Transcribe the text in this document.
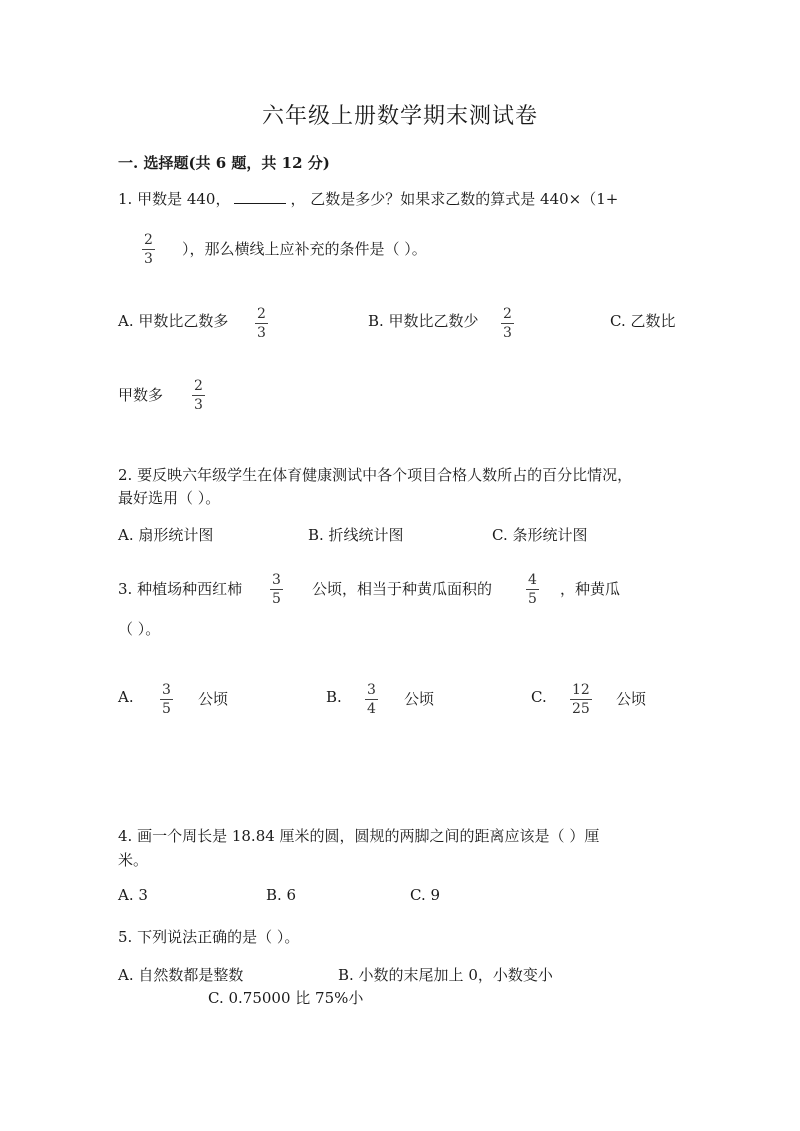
六年级上册数学期末测试卷
一. 选择题(共 6 题，共 12 分)
1. 甲数是 440，	， 乙数是多少？如果求乙数的算式是 440×（1+
2
3
），那么横线上应补充的条件是（ ）。
A. 甲数比乙数多 2
3
B. 甲数比乙数少 2
3
C. 乙数比
甲数多 2
3
2. 要反映六年级学生在体育健康测试中各个项目合格人数所占的百分比情况，
最好选用（ ）。
A. 扇形统计图	B. 折线统计图	C. 条形统计图
3. 种植场种西红柿 3
5
公顷，相当于种黄瓜面积的	4
5
，种黄瓜
（ ）。
A. 3
5
公顷	B. 3
4
公顷	C. 12
25
公顷
4. 画一个周长是 18.84 厘米的圆，圆规的两脚之间的距离应该是（ ）厘
米。
A. 3	B. 6	C. 9
5. 下列说法正确的是（ ）。
A. 自然数都是整数	B. 小数的末尾加上 0，小数变小
C. 0.75000 比 75%小
